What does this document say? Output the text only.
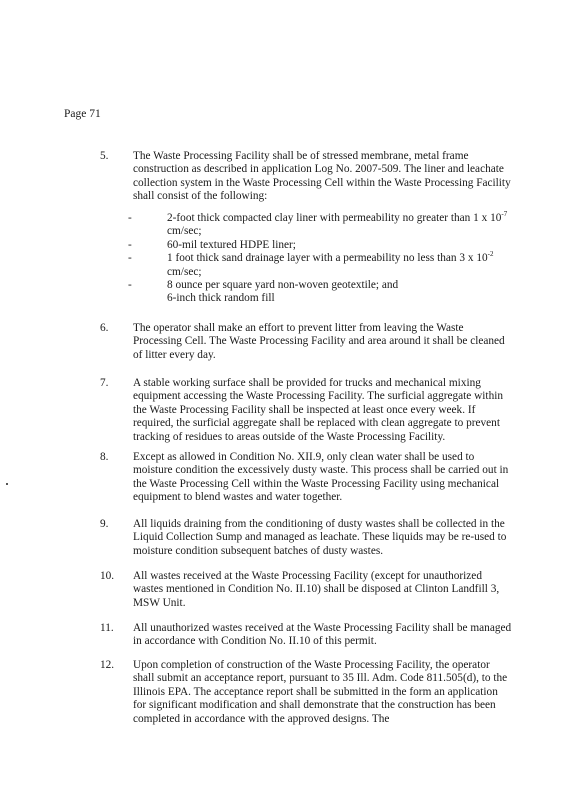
Page 71
5. The Waste Processing Facility shall be of stressed membrane, metal frame construction as described in application Log No. 2007-509. The liner and leachate collection system in the Waste Processing Cell within the Waste Processing Facility shall consist of the following:
-	2-foot thick compacted clay liner with permeability no greater than 1 x $10^{-7}$ cm/sec;
-	60-mil textured HDPE liner;
-	1 foot thick sand drainage layer with a permeability no less than 3 x $10^{-2}$ cm/sec;
-	8 ounce per square yard non-woven geotextile; and
6-inch thick random fill
6. The operator shall make an effort to prevent litter from leaving the Waste Processing Cell. The Waste Processing Facility and area around it shall be cleaned of litter every day.
7. A stable working surface shall be provided for trucks and mechanical mixing equipment accessing the Waste Processing Facility. The surficial aggregate within the Waste Processing Facility shall be inspected at least once every week. If required, the surficial aggregate shall be replaced with clean aggregate to prevent tracking of residues to areas outside of the Waste Processing Facility.
8. Except as allowed in Condition No. XII.9, only clean water shall be used to moisture condition the excessively dusty waste. This process shall be carried out in the Waste Processing Cell within the Waste Processing Facility using mechanical equipment to blend wastes and water together.
9. All liquids draining from the conditioning of dusty wastes shall be collected in the Liquid Collection Sump and managed as leachate. These liquids may be re-used to moisture condition subsequent batches of dusty wastes.
10. All wastes received at the Waste Processing Facility (except for unauthorized wastes mentioned in Condition No. II.10) shall be disposed at Clinton Landfill 3, MSW Unit.
11. All unauthorized wastes received at the Waste Processing Facility shall be managed in accordance with Condition No. II.10 of this permit.
12. Upon completion of construction of the Waste Processing Facility, the operator shall submit an acceptance report, pursuant to 35 Ill. Adm. Code 811.505(d), to the Illinois EPA. The acceptance report shall be submitted in the form an application for significant modification and shall demonstrate that the construction has been completed in accordance with the approved designs. The
